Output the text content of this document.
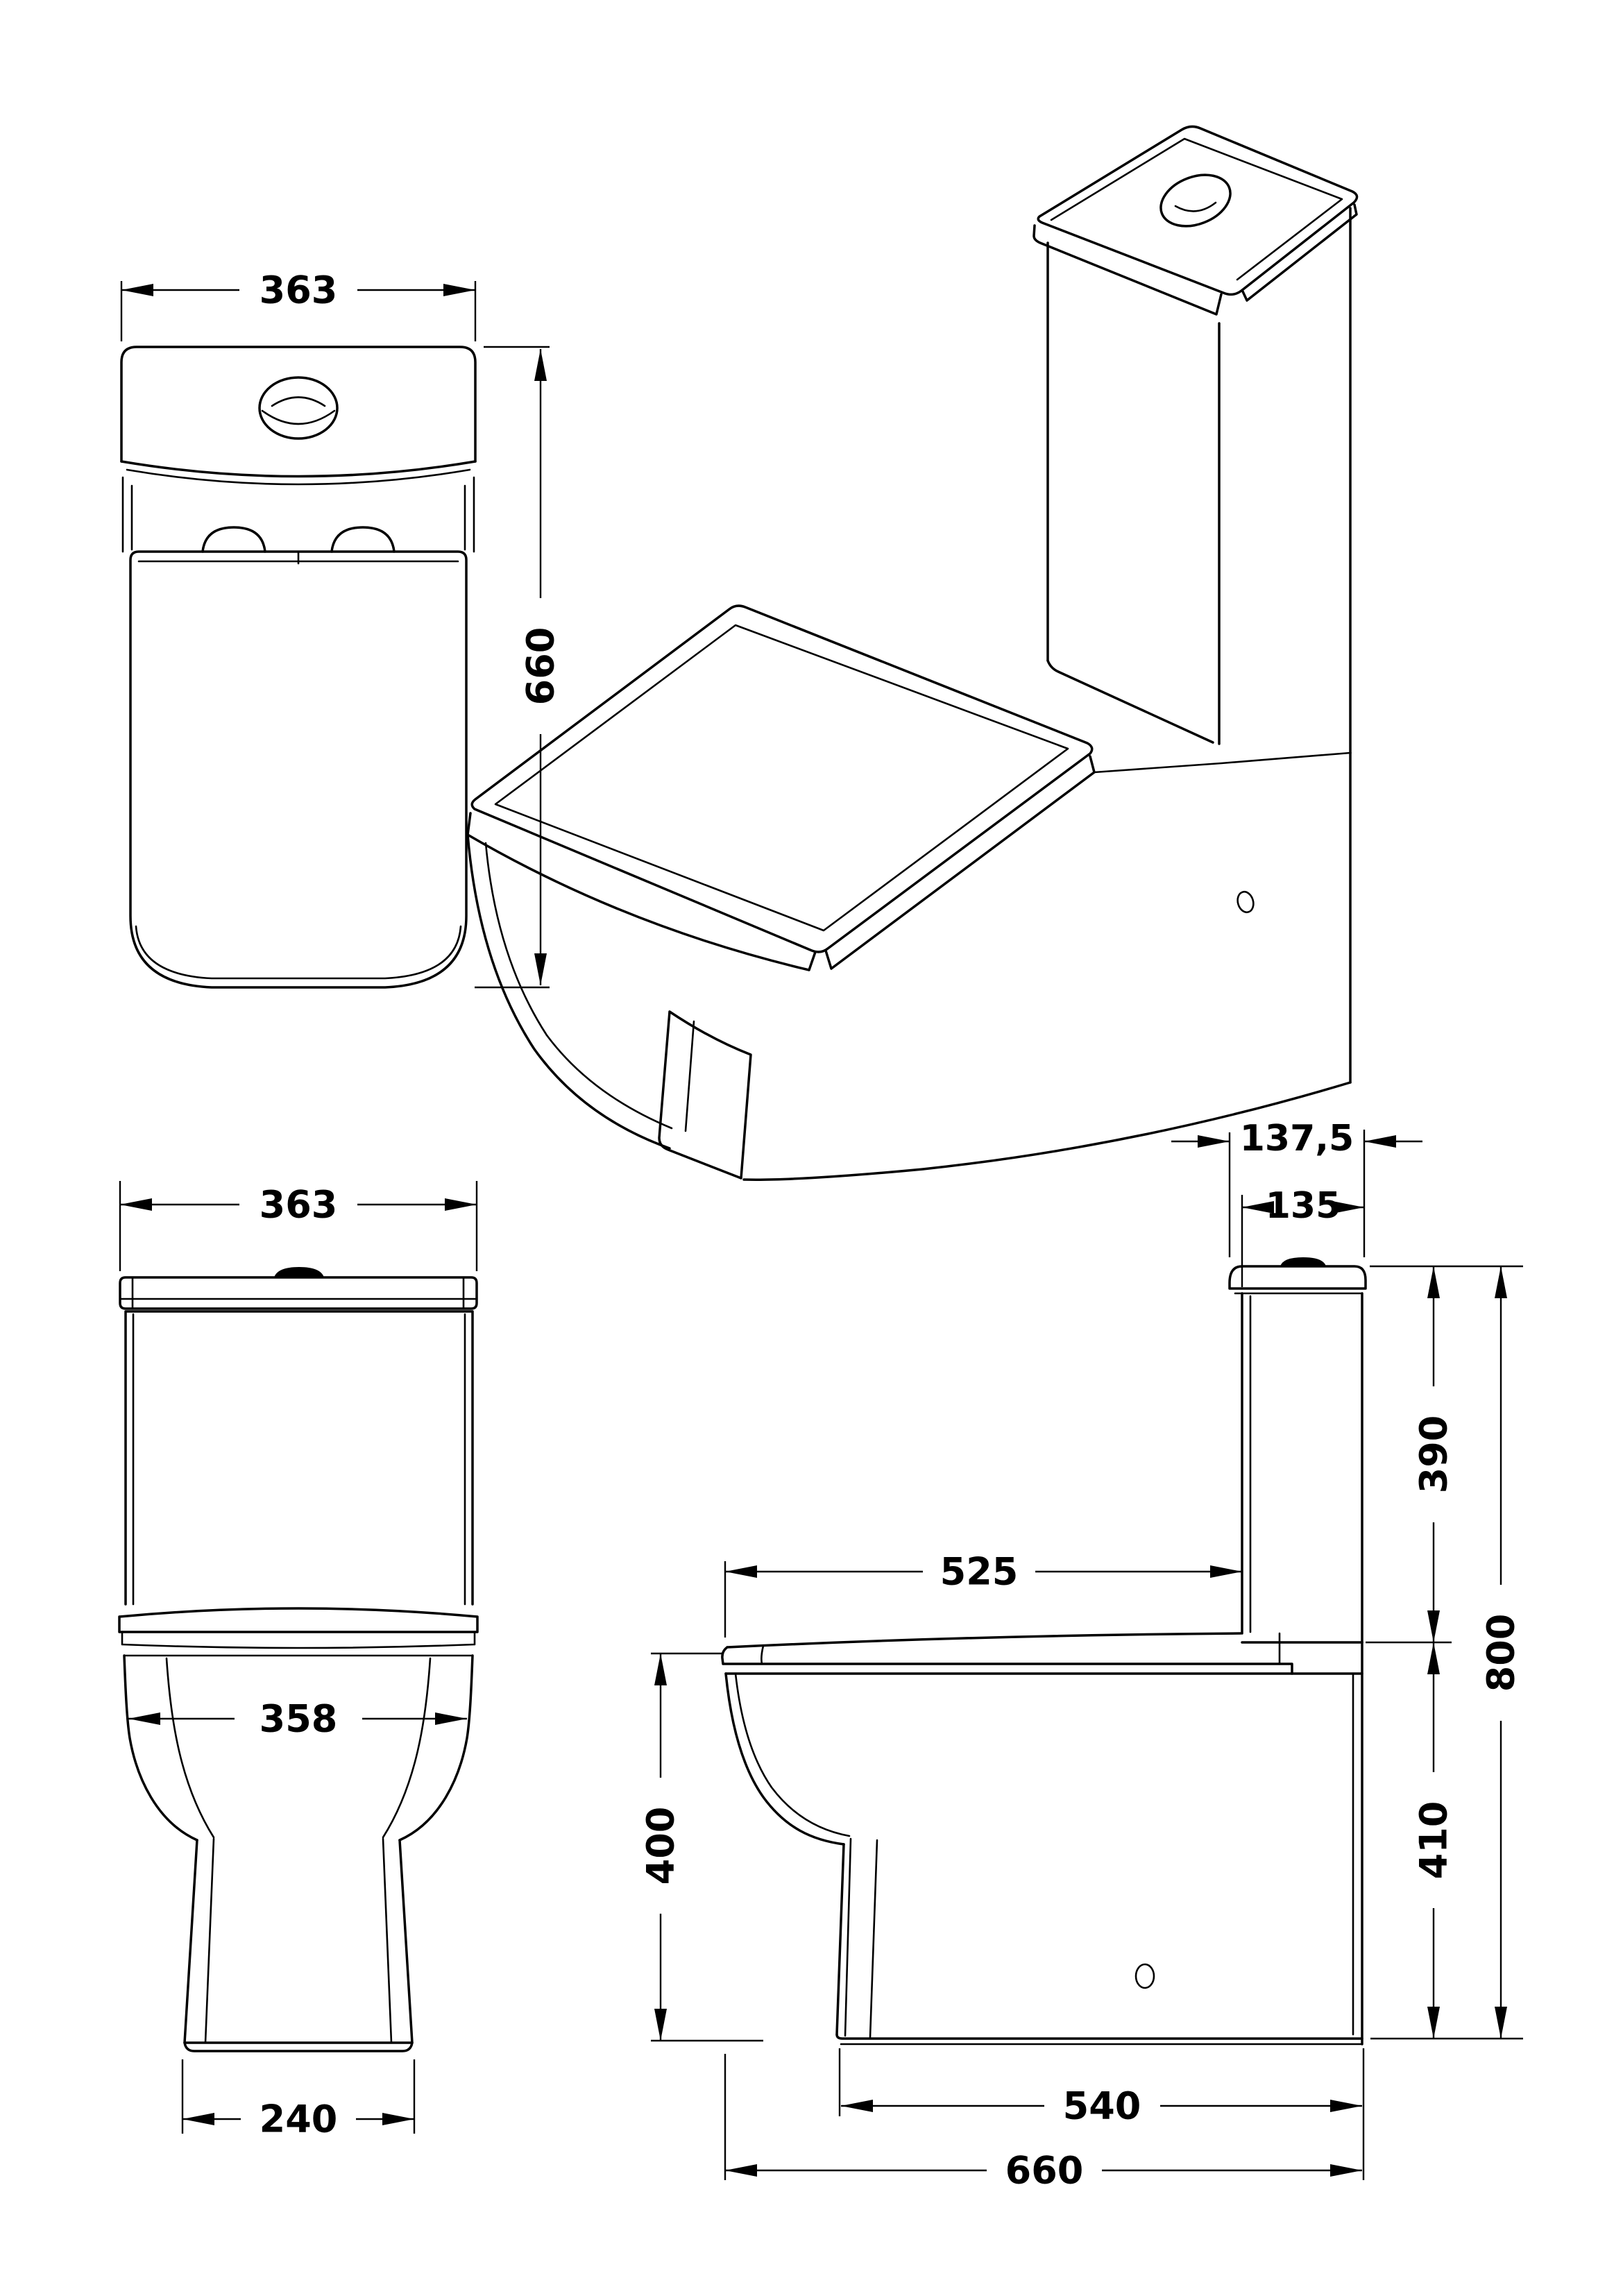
363
660
363
358
240
137,5
135
525
400
390
410
800
540
660
